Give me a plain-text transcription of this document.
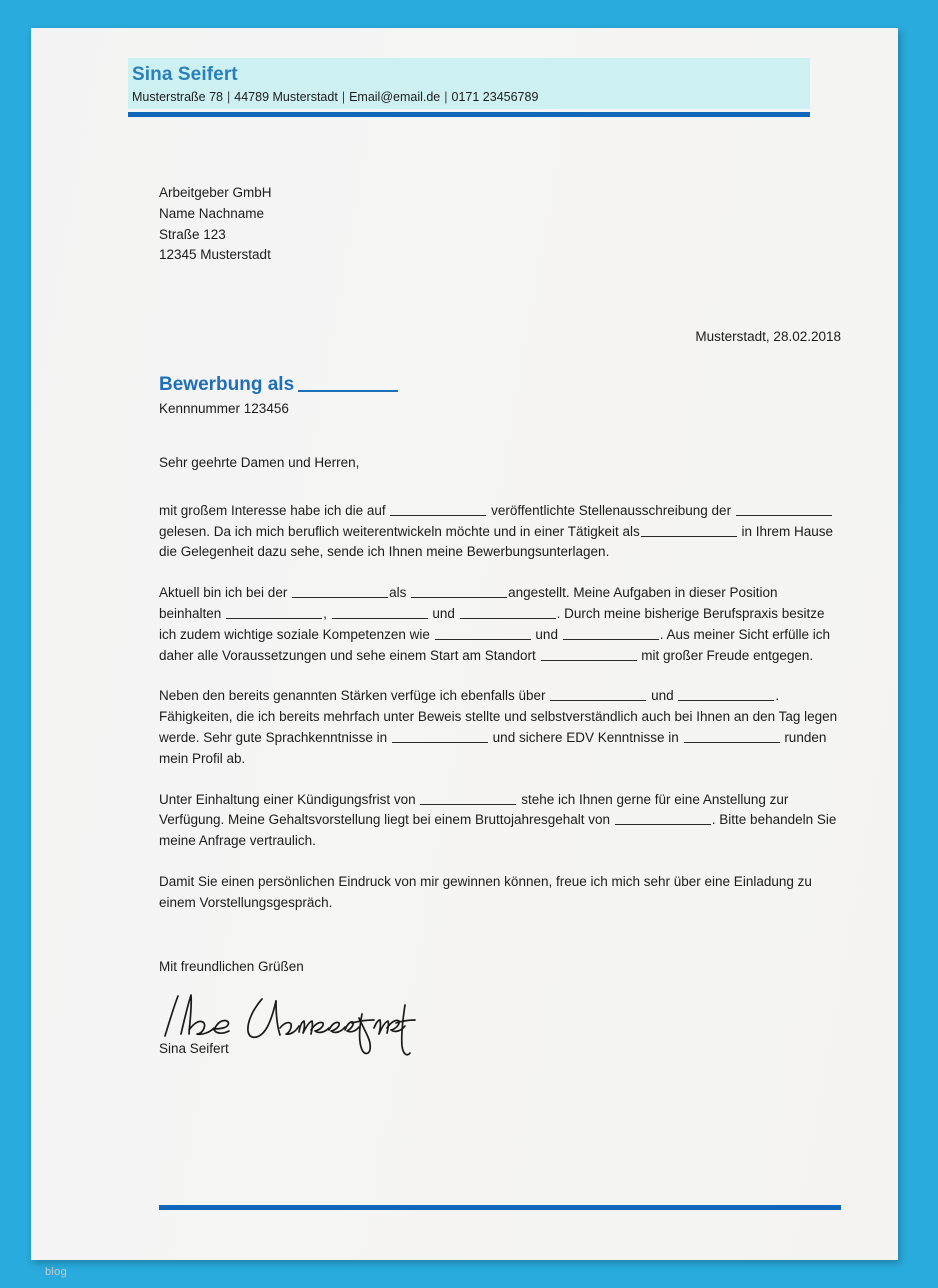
Sina Seifert
Musterstraße 78 | 44789 Musterstadt | Email@email.de | 0171 23456789
Arbeitgeber GmbH
Name Nachname
Straße 123
12345 Musterstadt
Musterstadt, 28.02.2018
Bewerbung als
Kennnummer 123456

Sehr geehrte Damen und Herren,

mit großem Interesse habe ich die auf	veröffentlichte Stellenausschreibung der  gelesen. Da ich mich beruflich weiterentwickeln möchte und in einer Tätigkeit als	in Ihrem Hause die Gelegenheit dazu sehe, sende ich Ihnen meine Bewerbungsunterlagen.

Aktuell bin ich bei der	als	angestellt. Meine Aufgaben in dieser Position beinhalten	,	und	. Durch meine bisherige Berufspraxis besitze ich zudem wichtige soziale Kompetenzen wie	und	. Aus meiner Sicht erfülle ich daher alle Voraussetzungen und sehe einem Start am Standort	mit großer Freude entgegen.

Neben den bereits genannten Stärken verfüge ich ebenfalls über	und	. Fähigkeiten, die ich bereits mehrfach unter Beweis stellte und selbstverständlich auch bei Ihnen an den Tag legen werde. Sehr gute Sprachkenntnisse in	und sichere EDV Kenntnisse in	runden mein Profil ab.

Unter Einhaltung einer Kündigungsfrist von	stehe ich Ihnen gerne für eine Anstellung zur Verfügung. Meine Gehaltsvorstellung liegt bei einem Bruttojahresgehalt von	. Bitte behandeln Sie meine Anfrage vertraulich.

Damit Sie einen persönlichen Eindruck von mir gewinnen können, freue ich mich sehr über eine Einladung zu einem Vorstellungsgespräch.

Mit freundlichen Grüßen

Sina Seifert
blog
